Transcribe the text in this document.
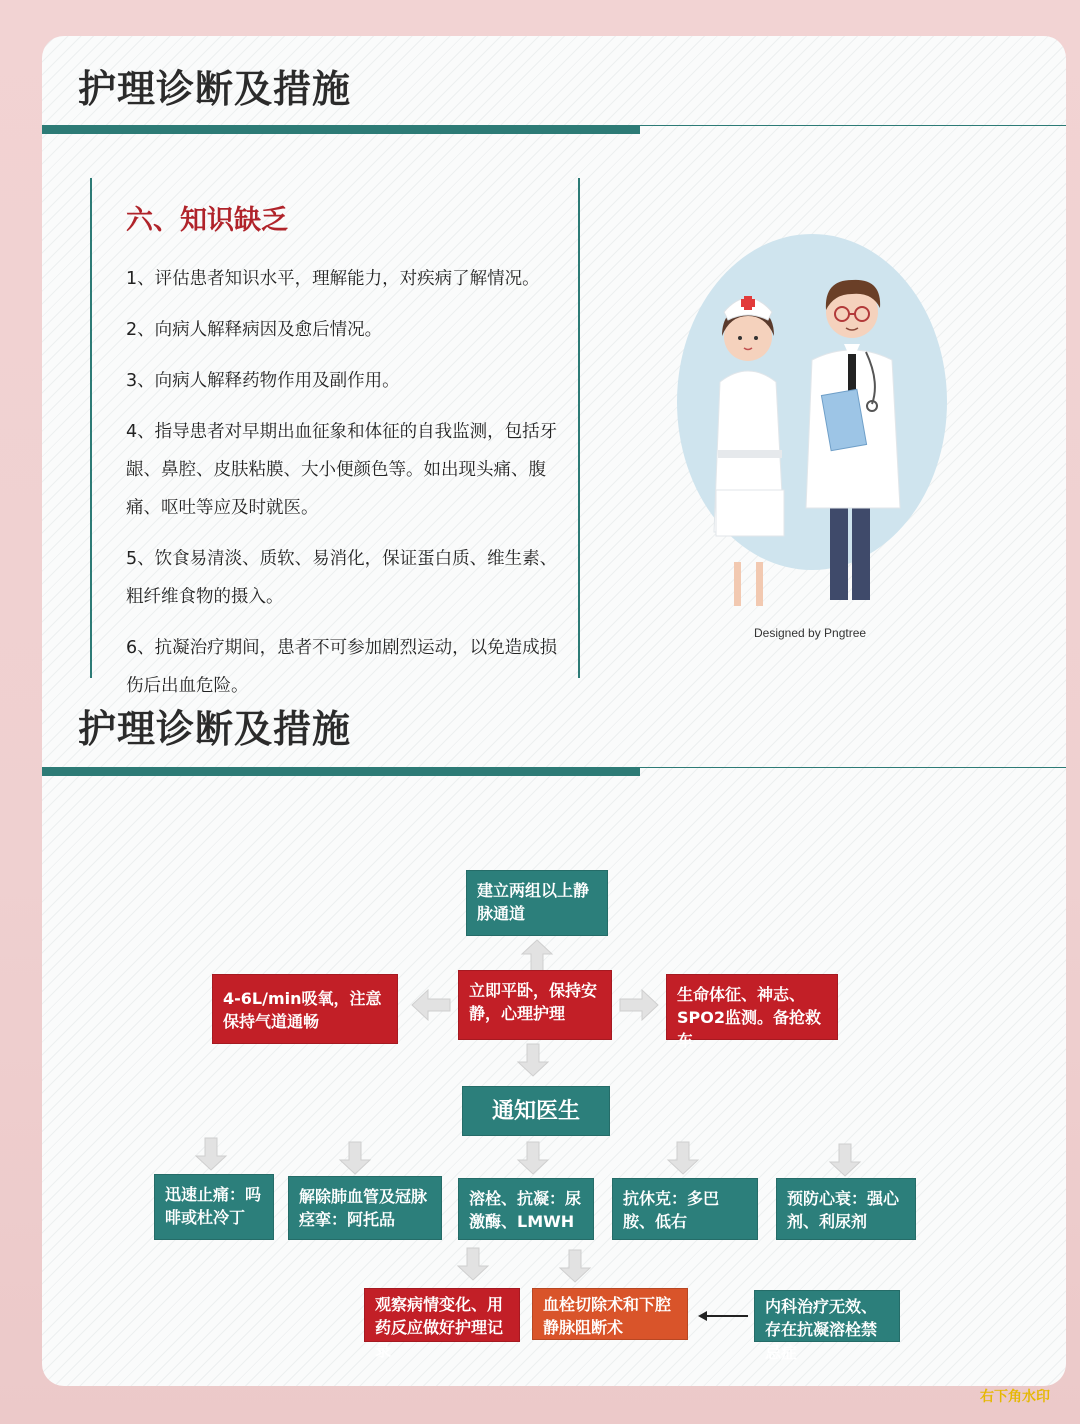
护理诊断及措施
六、知识缺乏
1、评估患者知识水平，理解能力，对疾病了解情况。
2、向病人解释病因及愈后情况。
3、向病人解释药物作用及副作用。
4、指导患者对早期出血征象和体征的自我监测，包括牙龈、鼻腔、皮肤粘膜、大小便颜色等。如出现头痛、腹痛、呕吐等应及时就医。
5、饮食易清淡、质软、易消化，保证蛋白质、维生素、粗纤维食物的摄入。
6、抗凝治疗期间，患者不可参加剧烈运动，以免造成损伤后出血危险。
Designed by Pngtree
护理诊断及措施
建立两组以上静脉通道
立即平卧，保持安静，心理护理
4-6L/min吸氧，注意保持气道通畅
生命体征、神志、SPO2监测。备抢救车
通知医生
迅速止痛：吗啡或杜冷丁
解除肺血管及冠脉痉挛：阿托品
溶栓、抗凝：尿激酶、LMWH
抗休克：多巴胺、低右
预防心衰：强心剂、利尿剂
观察病情变化、用药反应做好护理记录
血栓切除术和下腔静脉阻断术
内科治疗无效、存在抗凝溶栓禁忌症
右下角水印
